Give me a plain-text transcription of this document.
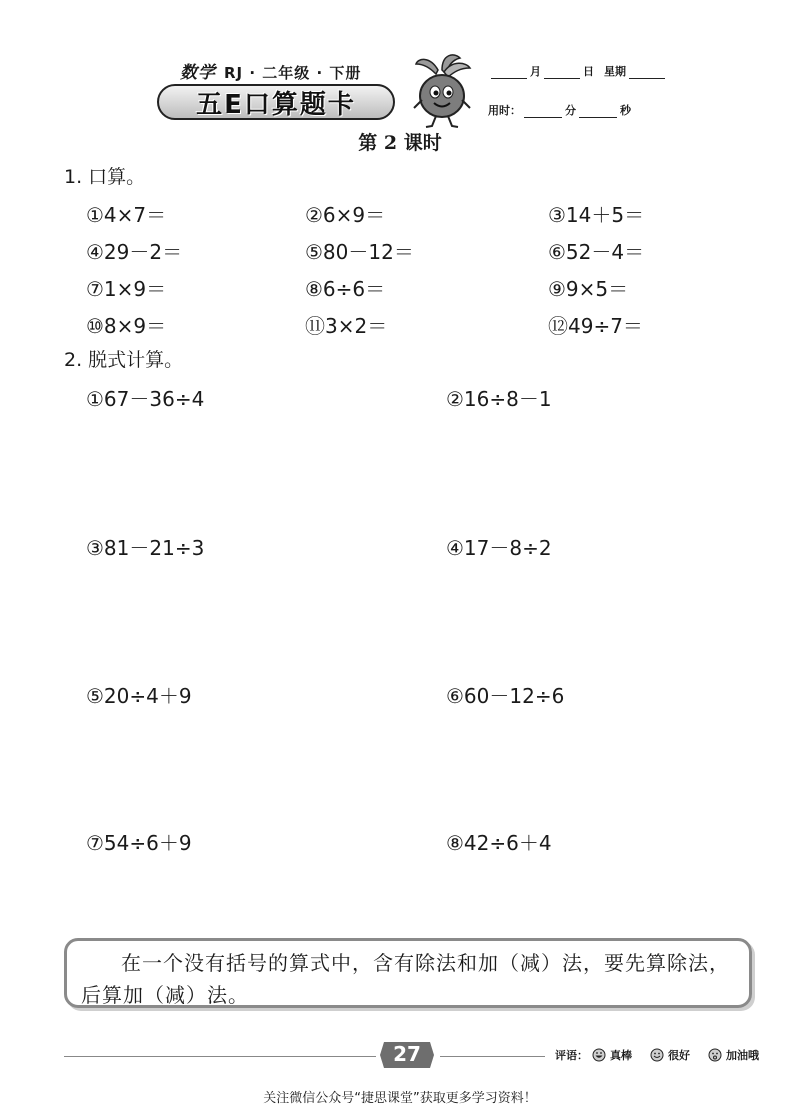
数学 RJ · 二年级 · 下册
五E口算题卡
月	日 星期
用时：	分	秒
第 2 课时
1. 口算。
①4×7＝	②6×9＝	③14＋5＝
④29－2＝	⑤80－12＝	⑥52－4＝
⑦1×9＝	⑧6÷6＝	⑨9×5＝
⑩8×9＝	⑪3×2＝	⑫49÷7＝
2. 脱式计算。
①67－36÷4	②16÷8－1
③81－21÷3	④17－8÷2
⑤20÷4＋9	⑥60－12÷6
⑦54÷6＋9	⑧42÷6＋4
在一个没有括号的算式中，含有除法和加（减）法，要先算除法，后算加（减）法。
27	评语： 真棒	很好	加油哦
关注微信公众号“捷思课堂”获取更多学习资料！
